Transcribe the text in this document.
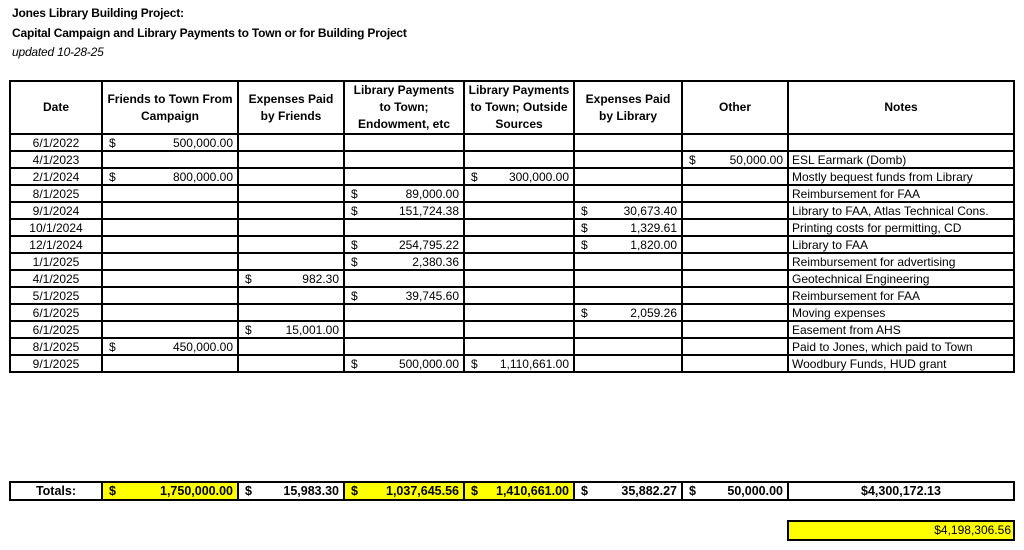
Jones Library Building Project:
Capital Campaign and Library Payments to Town or for Building Project
updated 10-28-25
Date	Friends to Town From Campaign	Expenses Paid by Friends	Library Payments to Town; Endowment, etc	Library Payments to Town; Outside Sources	Expenses Paid by Library	Other	Notes
6/1/2022	$ 500,000.00						

4/1/2023						$ 50,000.00	ESL Earmark (Domb)
2/1/2024	$ 800,000.00			$ 300,000.00			Mostly bequest funds from Library
8/1/2025			$ 89,000.00				Reimbursement for FAA
9/1/2024			$ 151,724.38		$ 30,673.40		Library to FAA, Atlas Technical Cons.
10/1/2024					$ 1,329.61		Printing costs for permitting, CD
12/1/2024			$ 254,795.22		$ 1,820.00		Library to FAA
1/1/2025			$ 2,380.36				Reimbursement for advertising
4/1/2025		$ 982.30					Geotechnical Engineering
5/1/2025			$ 39,745.60				Reimbursement for FAA
6/1/2025					$ 2,059.26		Moving expenses
6/1/2025		$ 15,001.00					Easement from AHS
8/1/2025	$ 450,000.00						Paid to Jones, which paid to Town
9/1/2025			$ 500,000.00	$ 1,110,661.00			Woodbury Funds, HUD grant
Totals:	$	1,750,000.00	$	15,983.30	$ 1,037,645.56	$ 1,410,661.00	$	35,882.27	$	50,000.00	$4,300,172.13
$4,198,306.56
